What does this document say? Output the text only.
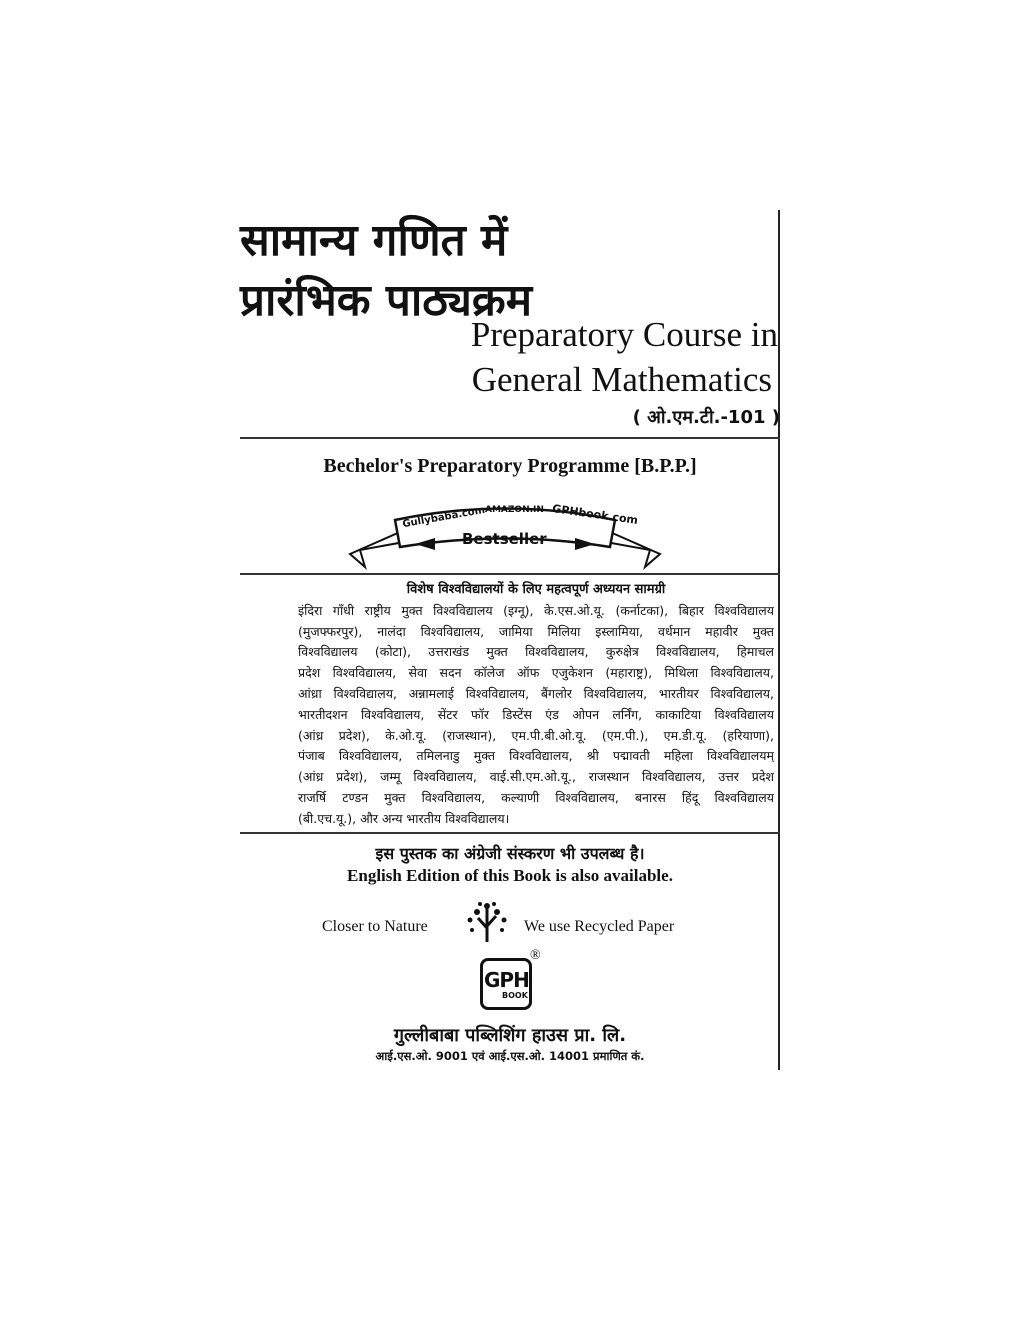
सामान्य गणित में
प्रारंभिक पाठ्यक्रम
Preparatory Course in
General Mathematics
( ओ.एम.टी.-101 )
Bechelor's Preparatory Programme [B.P.P.]
Gullybaba.com AMAZON.IN GPHbook.com
Bestseller
विशेष विश्वविद्यालयों के लिए महत्वपूर्ण अध्ययन सामग्री
इंदिरा गाँधी राष्ट्रीय मुक्त विश्वविद्यालय (इग्नू), के.एस.ओ.यू. (कर्नाटका), बिहार विश्वविद्यालय
(मुजफ्फरपुर), नालंदा विश्वविद्यालय, जामिया मिलिया इस्लामिया, वर्धमान महावीर मुक्त
विश्वविद्यालय (कोटा), उत्तराखंड मुक्त विश्वविद्यालय, कुरुक्षेत्र विश्वविद्यालय, हिमाचल
प्रदेश विश्वविद्यालय, सेवा सदन कॉलेज ऑफ एजुकेशन (महाराष्ट्र), मिथिला विश्वविद्यालय,
आंध्रा विश्वविद्यालय, अन्नामलाई विश्वविद्यालय, बैंगलोर विश्वविद्यालय, भारतीयर विश्वविद्यालय,
भारतीदशन विश्वविद्यालय, सेंटर फॉर डिस्टेंस एंड ओपन लर्निंग, काकाटिया विश्वविद्यालय
(आंध्र प्रदेश), के.ओ.यू. (राजस्थान), एम.पी.बी.ओ.यू. (एम.पी.), एम.डी.यू. (हरियाणा),
पंजाब विश्वविद्यालय, तमिलनाडु मुक्त विश्वविद्यालय, श्री पद्मावती महिला विश्वविद्यालयम्
(आंध्र प्रदेश), जम्मू विश्वविद्यालय, वाई.सी.एम.ओ.यू., राजस्थान विश्वविद्यालय, उत्तर प्रदेश
राजर्षि टण्डन मुक्त विश्वविद्यालय, कल्याणी विश्वविद्यालय, बनारस हिंदू विश्वविद्यालय
(बी.एच.यू.), और अन्य भारतीय विश्वविद्यालय।
इस पुस्तक का अंग्रेजी संस्करण भी उपलब्ध है।
English Edition of this Book is also available.
Closer to Nature	We use Recycled Paper
GPH
BOOK
®
गुल्लीबाबा पब्लिशिंग हाउस प्रा. लि.
आई.एस.ओ. 9001 एवं आई.एस.ओ. 14001 प्रमाणित कं.
